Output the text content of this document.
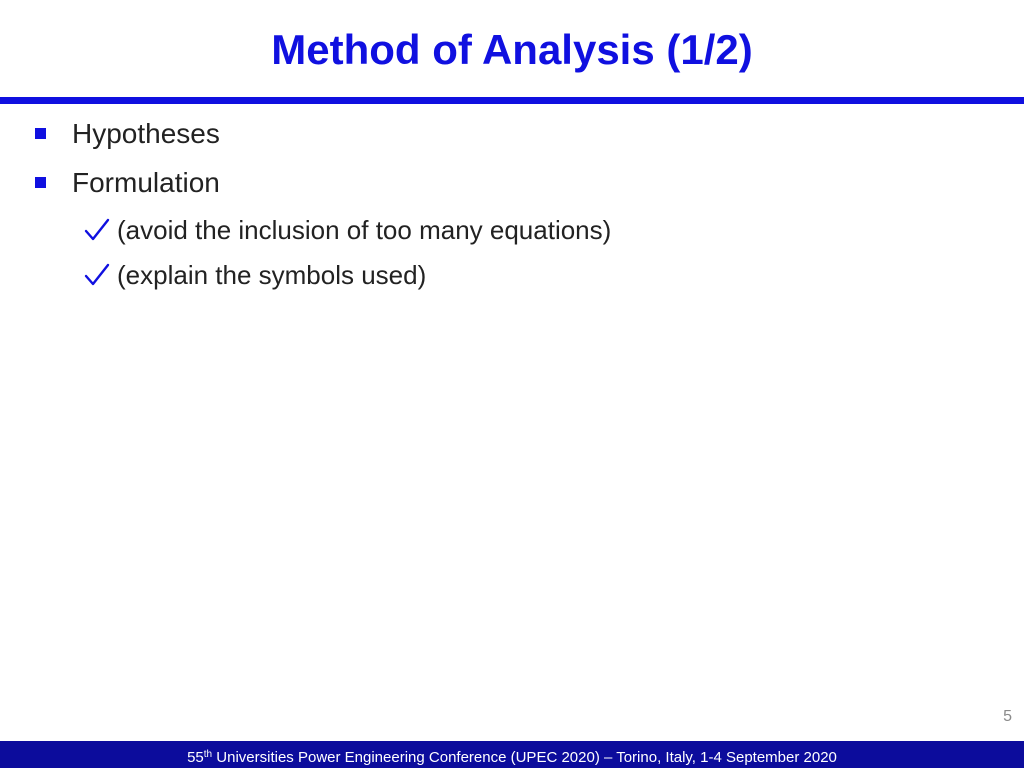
Method of Analysis (1/2)
Hypotheses
Formulation
(avoid the inclusion of too many equations)
(explain the symbols used)
5
55th Universities Power Engineering Conference (UPEC 2020) – Torino, Italy, 1-4 September 2020
